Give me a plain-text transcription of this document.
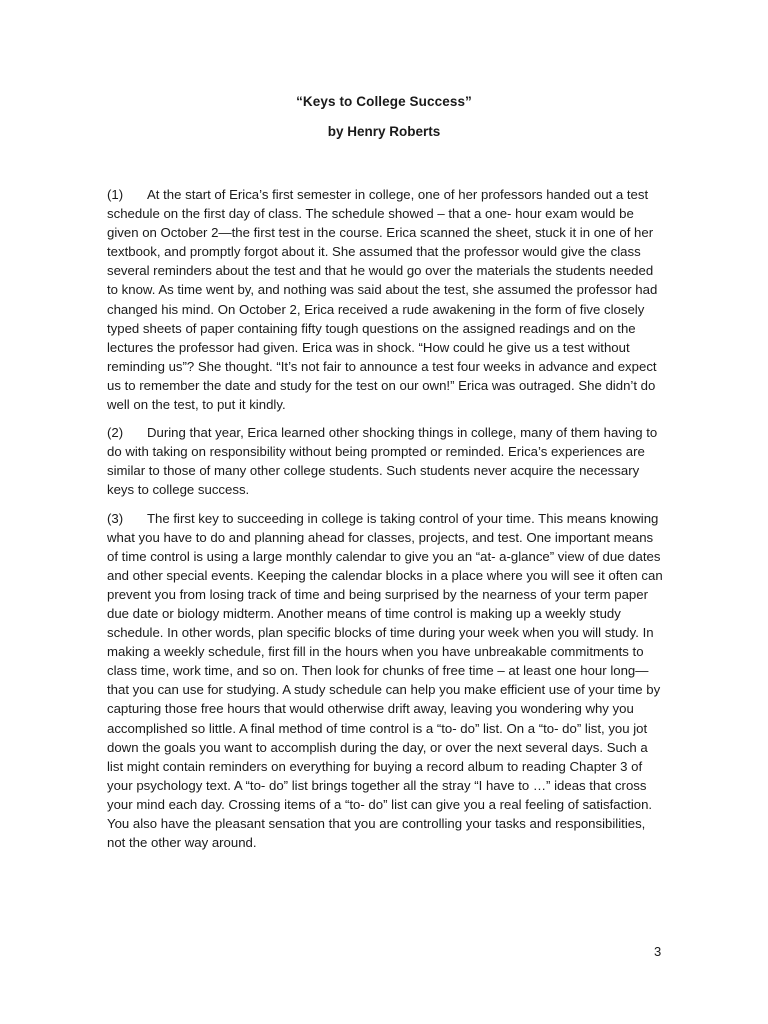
“Keys to College Success”
by Henry Roberts

(1) At the start of Erica’s first semester in college, one of her professors handed out a test schedule on the first day of class. The schedule showed – that a one- hour exam would be given on October 2—the first test in the course. Erica scanned the sheet, stuck it in one of her textbook, and promptly forgot about it. She assumed that the professor would give the class several reminders about the test and that he would go over the materials the students needed to know. As time went by, and nothing was said about the test, she assumed the professor had changed his mind. On October 2, Erica received a rude awakening in the form of five closely typed sheets of paper containing fifty tough questions on the assigned readings and on the lectures the professor had given. Erica was in shock. “How could he give us a test without reminding us”? She thought. “It’s not fair to announce a test four weeks in advance and expect us to remember the date and study for the test on our own!” Erica was outraged. She didn’t do well on the test, to put it kindly.

(2) During that year, Erica learned other shocking things in college, many of them having to do with taking on responsibility without being prompted or reminded. Erica’s experiences are similar to those of many other college students. Such students never acquire the necessary keys to college success.

(3) The first key to succeeding in college is taking control of your time. This means knowing what you have to do and planning ahead for classes, projects, and test. One important means of time control is using a large monthly calendar to give you an “at- a-glance” view of due dates and other special events. Keeping the calendar blocks in a place where you will see it often can prevent you from losing track of time and being surprised by the nearness of your term paper due date or biology midterm. Another means of time control is making up a weekly study schedule. In other words, plan specific blocks of time during your week when you will study. In making a weekly schedule, first fill in the hours when you have unbreakable commitments to class time, work time, and so on. Then look for chunks of free time – at least one hour long—that you can use for studying. A study schedule can help you make efficient use of your time by capturing those free hours that would otherwise drift away, leaving you wondering why you accomplished so little. A final method of time control is a “to- do” list. On a “to- do” list, you jot down the goals you want to accomplish during the day, or over the next several days. Such a list might contain reminders on everything for buying a record album to reading Chapter 3 of your psychology text. A “to- do” list brings together all the stray “I have to …” ideas that cross your mind each day. Crossing items of a “to- do” list can give you a real feeling of satisfaction. You also have the pleasant sensation that you are controlling your tasks and responsibilities, not the other way around.

3
